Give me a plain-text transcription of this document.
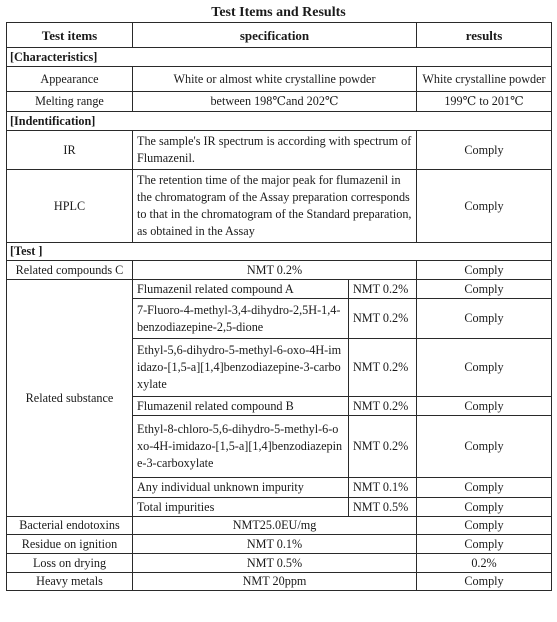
Test Items and Results
Test items	specification		results
[Characteristics]			
Appearance	White or almost white crystalline powder		White crystalline powder
Melting range	between 198℃and 202℃		199℃ to 201℃
[Indentification]			
IR	The sample's IR spectrum is according with spectrum of Flumazenil.		Comply
HPLC	The retention time of the major peak for flumazenil in the chromatogram of the Assay preparation corresponds to that in the chromatogram of the Standard preparation, as obtained in the Assay		Comply
[Test ]			
Related compounds C	NMT 0.2%		Comply
Related substance	Flumazenil related compound A	NMT 0.2%	Comply
	7-Fluoro-4-methyl-3,4-dihydro-2,5H-1,4-benzodiazepine-2,5-dione	NMT 0.2%	Comply
	Ethyl-5,6-dihydro-5-methyl-6-oxo-4H-imidazo-[1,5-a][1,4]benzodiazepine-3-carboxylate	NMT 0.2%	Comply
	Flumazenil related compound B	NMT 0.2%	Comply
	Ethyl-8-chloro-5,6-dihydro-5-methyl-6-oxo-4H-imidazo-[1,5-a][1,4]benzodiazepine-3-carboxylate	NMT 0.2%	Comply
	Any individual unknown impurity	NMT 0.1%	Comply
	Total impurities	NMT 0.5%	Comply
Bacterial endotoxins	NMT25.0EU/mg		Comply
Residue on ignition	NMT 0.1%		Comply
Loss on drying	NMT 0.5%		0.2%
Heavy metals	NMT 20ppm		Comply
